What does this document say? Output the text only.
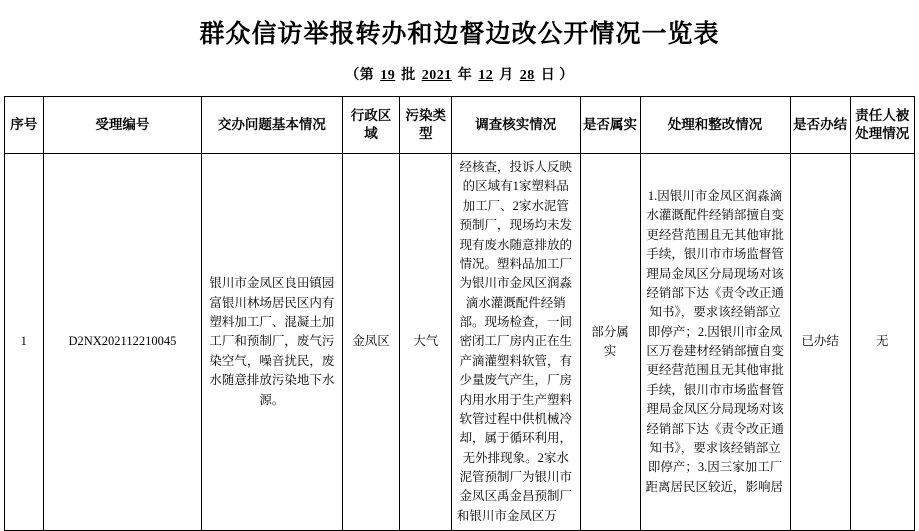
群众信访举报转办和边督边改公开情况一览表
（第 19 批 2021 年 12 月 28 日 ）
序号	受理编号	交办问题基本情况	行政区域	污染类型	调查核实情况	是否属实	处理和整改情况	是否办结	责任人被处理情况
1	D2NX202112210045	银川市金凤区良田镇园富银川林场居民区内有塑料加工厂、混凝土加工厂和预制厂，废气污染空气，噪音扰民，废水随意排放污染地下水源。	金凤区	大气	经核查，投诉人反映的区域有1家塑料品加工厂、2家水泥管预制厂，现场均未发现有废水随意排放的情况。塑料品加工厂为银川市金凤区润淼滴水灌溉配件经销部。现场检查，一间密闭工厂房内正在生产滴灌塑料软管，有少量废气产生，厂房内用水用于生产塑料软管过程中供机械冷却，属于循环利用，无外排现象。2家水泥管预制厂为银川市金凤区禹金昌预制厂和银川市金凤区万	部分属实	1.因银川市金凤区润淼滴水灌溉配件经销部擅自变更经营范围且无其他审批手续，银川市市场监督管理局金凤区分局现场对该经销部下达《责令改正通知书》，要求该经销部立即停产；2.因银川市金凤区万卷建材经销部擅自变更经营范围且无其他审批手续，银川市市场监督管理局金凤区分局现场对该经销部下达《责令改正通知书》，要求该经销部立即停产；3.因三家加工厂距离居民区较近，影响居	已办结	无
